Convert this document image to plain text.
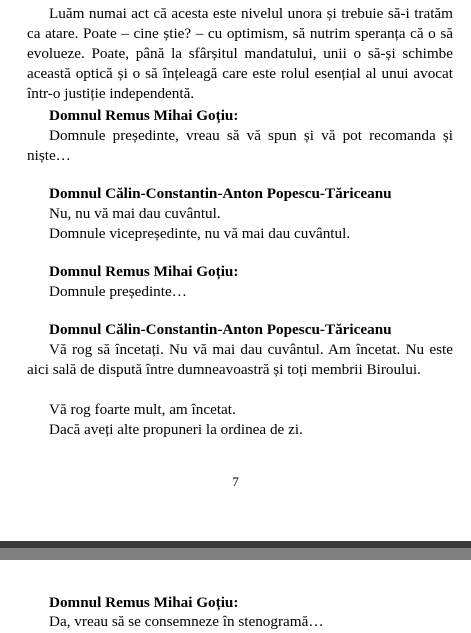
Luăm numai act că acesta este nivelul unora și trebuie să-i tratăm ca atare. Poate – cine știe? – cu optimism, să nutrim speranța că o să evolueze. Poate, până la sfârșitul mandatului, unii o să-și schimbe această optică și o să înțeleagă care este rolul esențial al unui avocat într-o justiție independentă.

Domnul Remus Mihai Goțiu:

Domnule președinte, vreau să vă spun și vă pot recomanda și niște…

Domnul Călin-Constantin-Anton Popescu-Tăriceanu

Nu, nu vă mai dau cuvântul.

Domnule vicepreședinte, nu vă mai dau cuvântul.

Domnul Remus Mihai Goțiu:

Domnule președinte…

Domnul Călin-Constantin-Anton Popescu-Tăriceanu

Vă rog să încetați. Nu vă mai dau cuvântul. Am încetat. Nu este aici sală de dispută între dumneavoastră și toți membrii Biroului.

Vă rog foarte mult, am încetat.

Dacă aveți alte propuneri la ordinea de zi.

7

Domnul Remus Mihai Goțiu:

Da, vreau să se consemneze în stenogramă…
